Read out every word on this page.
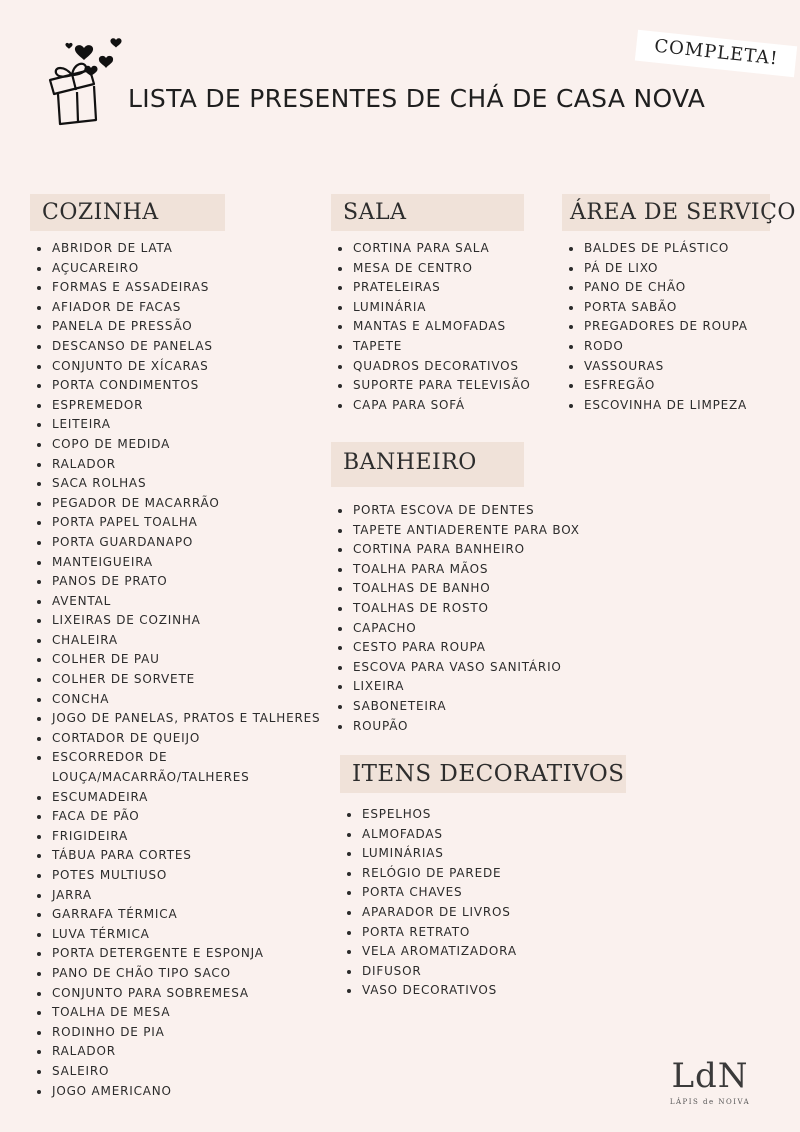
LISTA DE PRESENTES DE CHÁ DE CASA NOVA
COMPLETA!
COZINHA
ABRIDOR DE LATA
AÇUCAREIRO
FORMAS E ASSADEIRAS
AFIADOR DE FACAS
PANELA DE PRESSÃO
DESCANSO DE PANELAS
CONJUNTO DE XÍCARAS
PORTA CONDIMENTOS
ESPREMEDOR
LEITEIRA
COPO DE MEDIDA
RALADOR
SACA ROLHAS
PEGADOR DE MACARRÃO
PORTA PAPEL TOALHA
PORTA GUARDANAPO
MANTEIGUEIRA
PANOS DE PRATO
AVENTAL
LIXEIRAS DE COZINHA
CHALEIRA
COLHER DE PAU
COLHER DE SORVETE
CONCHA
JOGO DE PANELAS, PRATOS E TALHERES
CORTADOR DE QUEIJO
ESCORREDOR DE
LOUÇA/MACARRÃO/TALHERES
ESCUMADEIRA
FACA DE PÃO
FRIGIDEIRA
TÁBUA PARA CORTES
POTES MULTIUSO
JARRA
GARRAFA TÉRMICA
LUVA TÉRMICA
PORTA DETERGENTE E ESPONJA
PANO DE CHÃO TIPO SACO
CONJUNTO PARA SOBREMESA
TOALHA DE MESA
RODINHO DE PIA
RALADOR
SALEIRO
JOGO AMERICANO
SALA
CORTINA PARA SALA
MESA DE CENTRO
PRATELEIRAS
LUMINÁRIA
MANTAS E ALMOFADAS
TAPETE
QUADROS DECORATIVOS
SUPORTE PARA TELEVISÃO
CAPA PARA SOFÁ
ÁREA DE SERVIÇO
BALDES DE PLÁSTICO
PÁ DE LIXO
PANO DE CHÃO
PORTA SABÃO
PREGADORES DE ROUPA
RODO
VASSOURAS
ESFREGÃO
ESCOVINHA DE LIMPEZA
BANHEIRO
PORTA ESCOVA DE DENTES
TAPETE ANTIADERENTE PARA BOX
CORTINA PARA BANHEIRO
TOALHA PARA MÃOS
TOALHAS DE BANHO
TOALHAS DE ROSTO
CAPACHO
CESTO PARA ROUPA
ESCOVA PARA VASO SANITÁRIO
LIXEIRA
SABONETEIRA
ROUPÃO
ITENS DECORATIVOS
ESPELHOS
ALMOFADAS
LUMINÁRIAS
RELÓGIO DE PAREDE
PORTA CHAVES
APARADOR DE LIVROS
PORTA RETRATO
VELA AROMATIZADORA
DIFUSOR
VASO DECORATIVOS
LdN
LÁPIS de NOIVA
